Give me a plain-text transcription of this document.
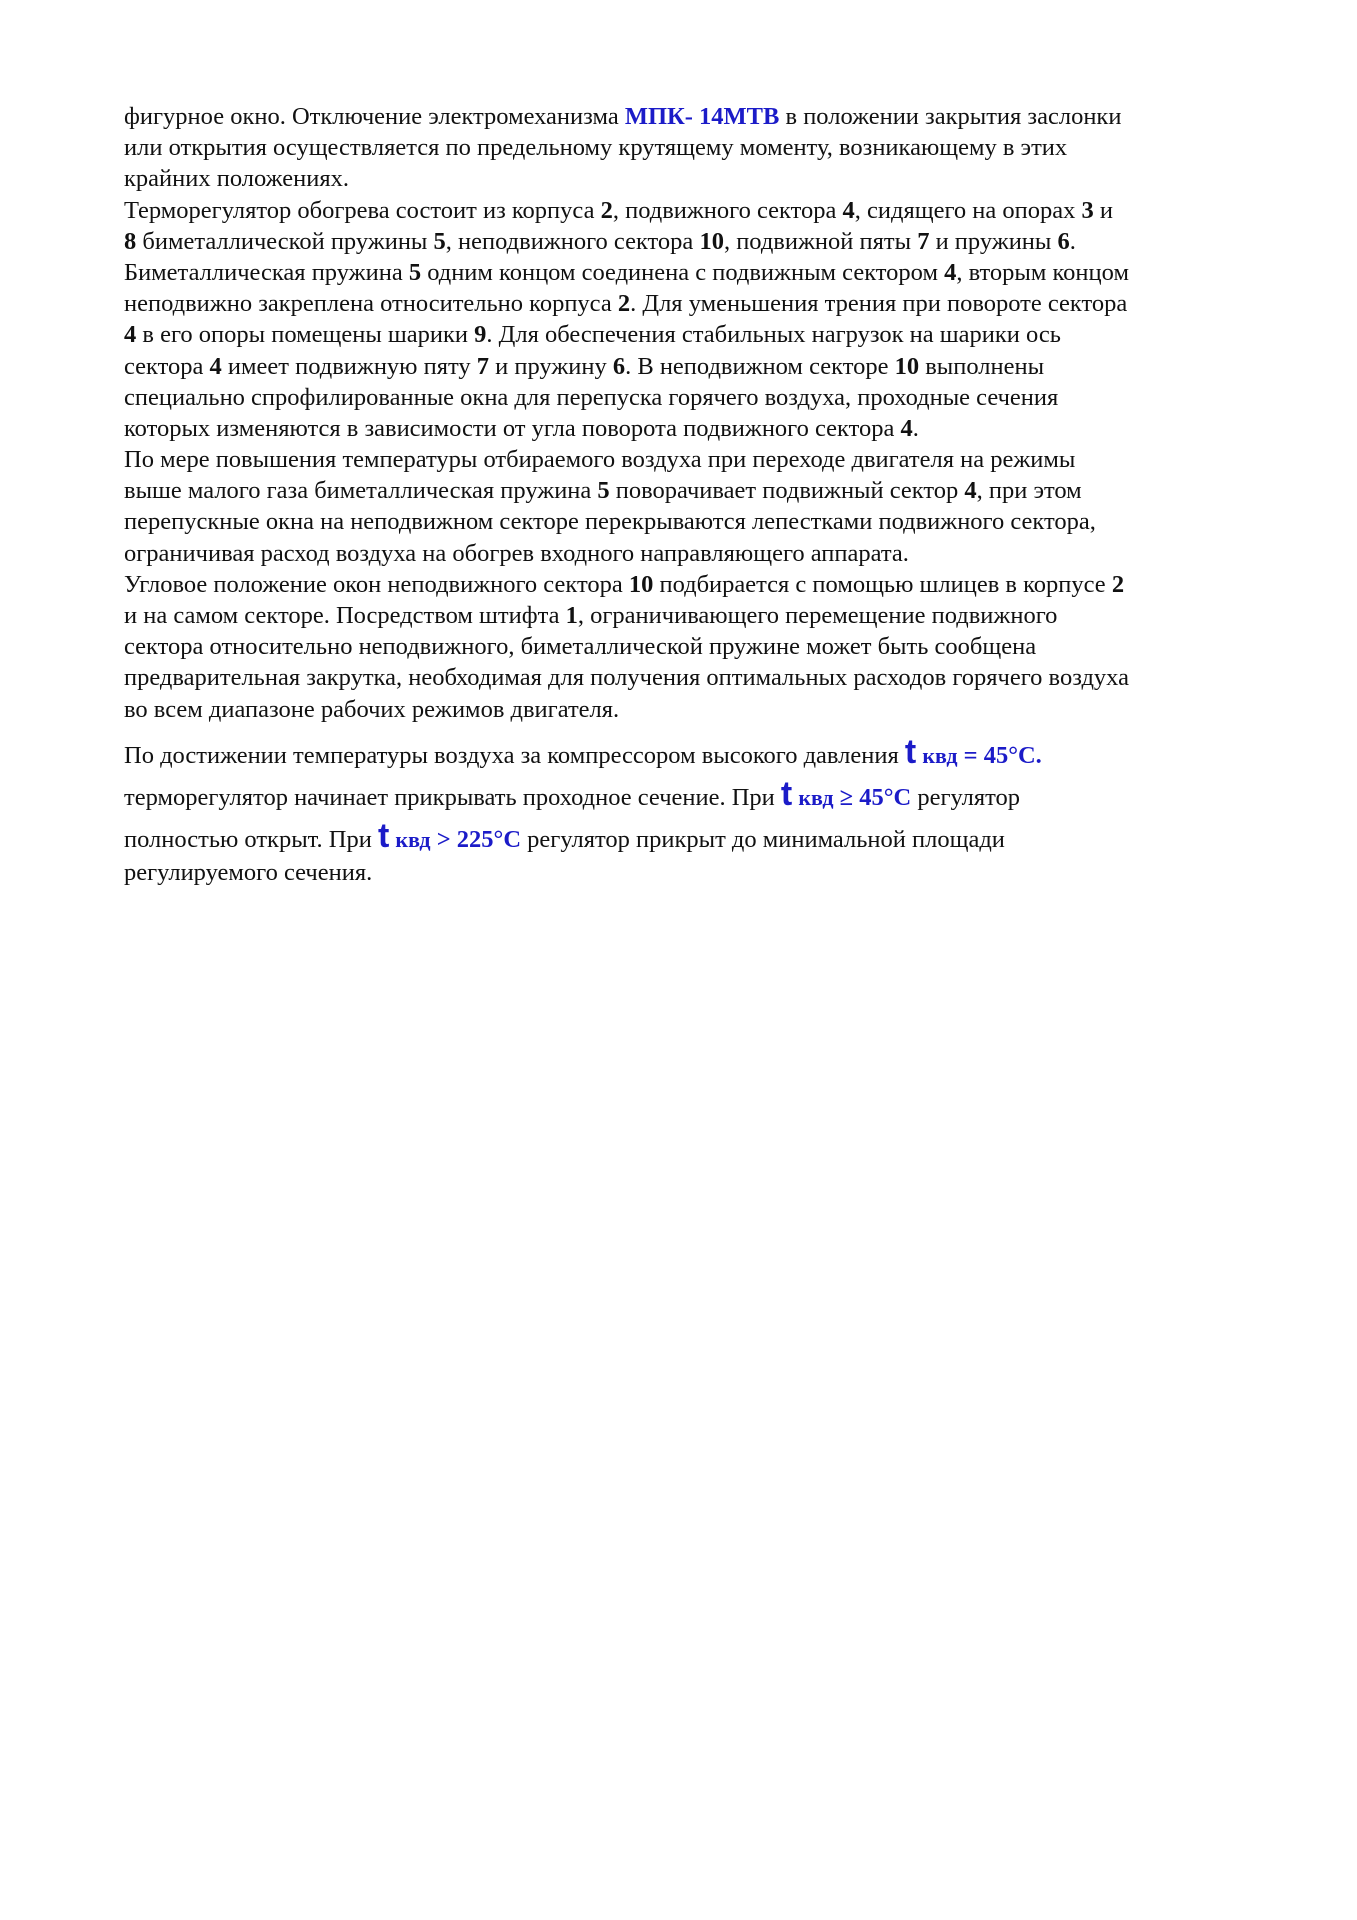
фигурное окно. Отключение электромеханизма МПК- 14МТВ в положении закрытия заслонки
или открытия осуществляется по предельному крутящему моменту, возникающему в этих
крайних положениях.
Терморегулятор обогрева состоит из корпуса 2, подвижного сектора 4, сидящего на опорах 3 и
8 биметаллической пружины 5, неподвижного сектора 10, подвижной пяты 7 и пружины 6.
Биметаллическая пружина 5 одним концом соединена с подвижным сектором 4, вторым концом
неподвижно закреплена относительно корпуса 2. Для уменьшения трения при повороте сектора
4 в его опоры помещены шарики 9. Для обеспечения стабильных нагрузок на шарики ось
сектора 4 имеет подвижную пяту 7 и пружину 6. В неподвижном секторе 10 выполнены
специально спрофилированные окна для перепуска горячего воздуха, проходные сечения
которых изменяются в зависимости от угла поворота подвижного сектора 4.
По мере повышения температуры отбираемого воздуха при переходе двигателя на режимы
выше малого газа биметаллическая пружина 5 поворачивает подвижный сектор 4, при этом
перепускные окна на неподвижном секторе перекрываются лепестками подвижного сектора,
ограничивая расход воздуха на обогрев входного направляющего аппарата.
Угловое положение окон неподвижного сектора 10 подбирается с помощью шлицев в корпусе 2
и на самом секторе. Посредством штифта 1, ограничивающего перемещение подвижного
сектора относительно неподвижного, биметаллической пружине может быть сообщена
предварительная закрутка, необходимая для получения оптимальных расходов горячего воздуха
во всем диапазоне рабочих режимов двигателя.
По достижении температуры воздуха за компрессором высокого давления t квд = 45°C.
терморегулятор начинает прикрывать проходное сечение. При t квд ≥ 45°C регулятор
полностью открыт. При t квд > 225°C регулятор прикрыт до минимальной площади
регулируемого сечения.
